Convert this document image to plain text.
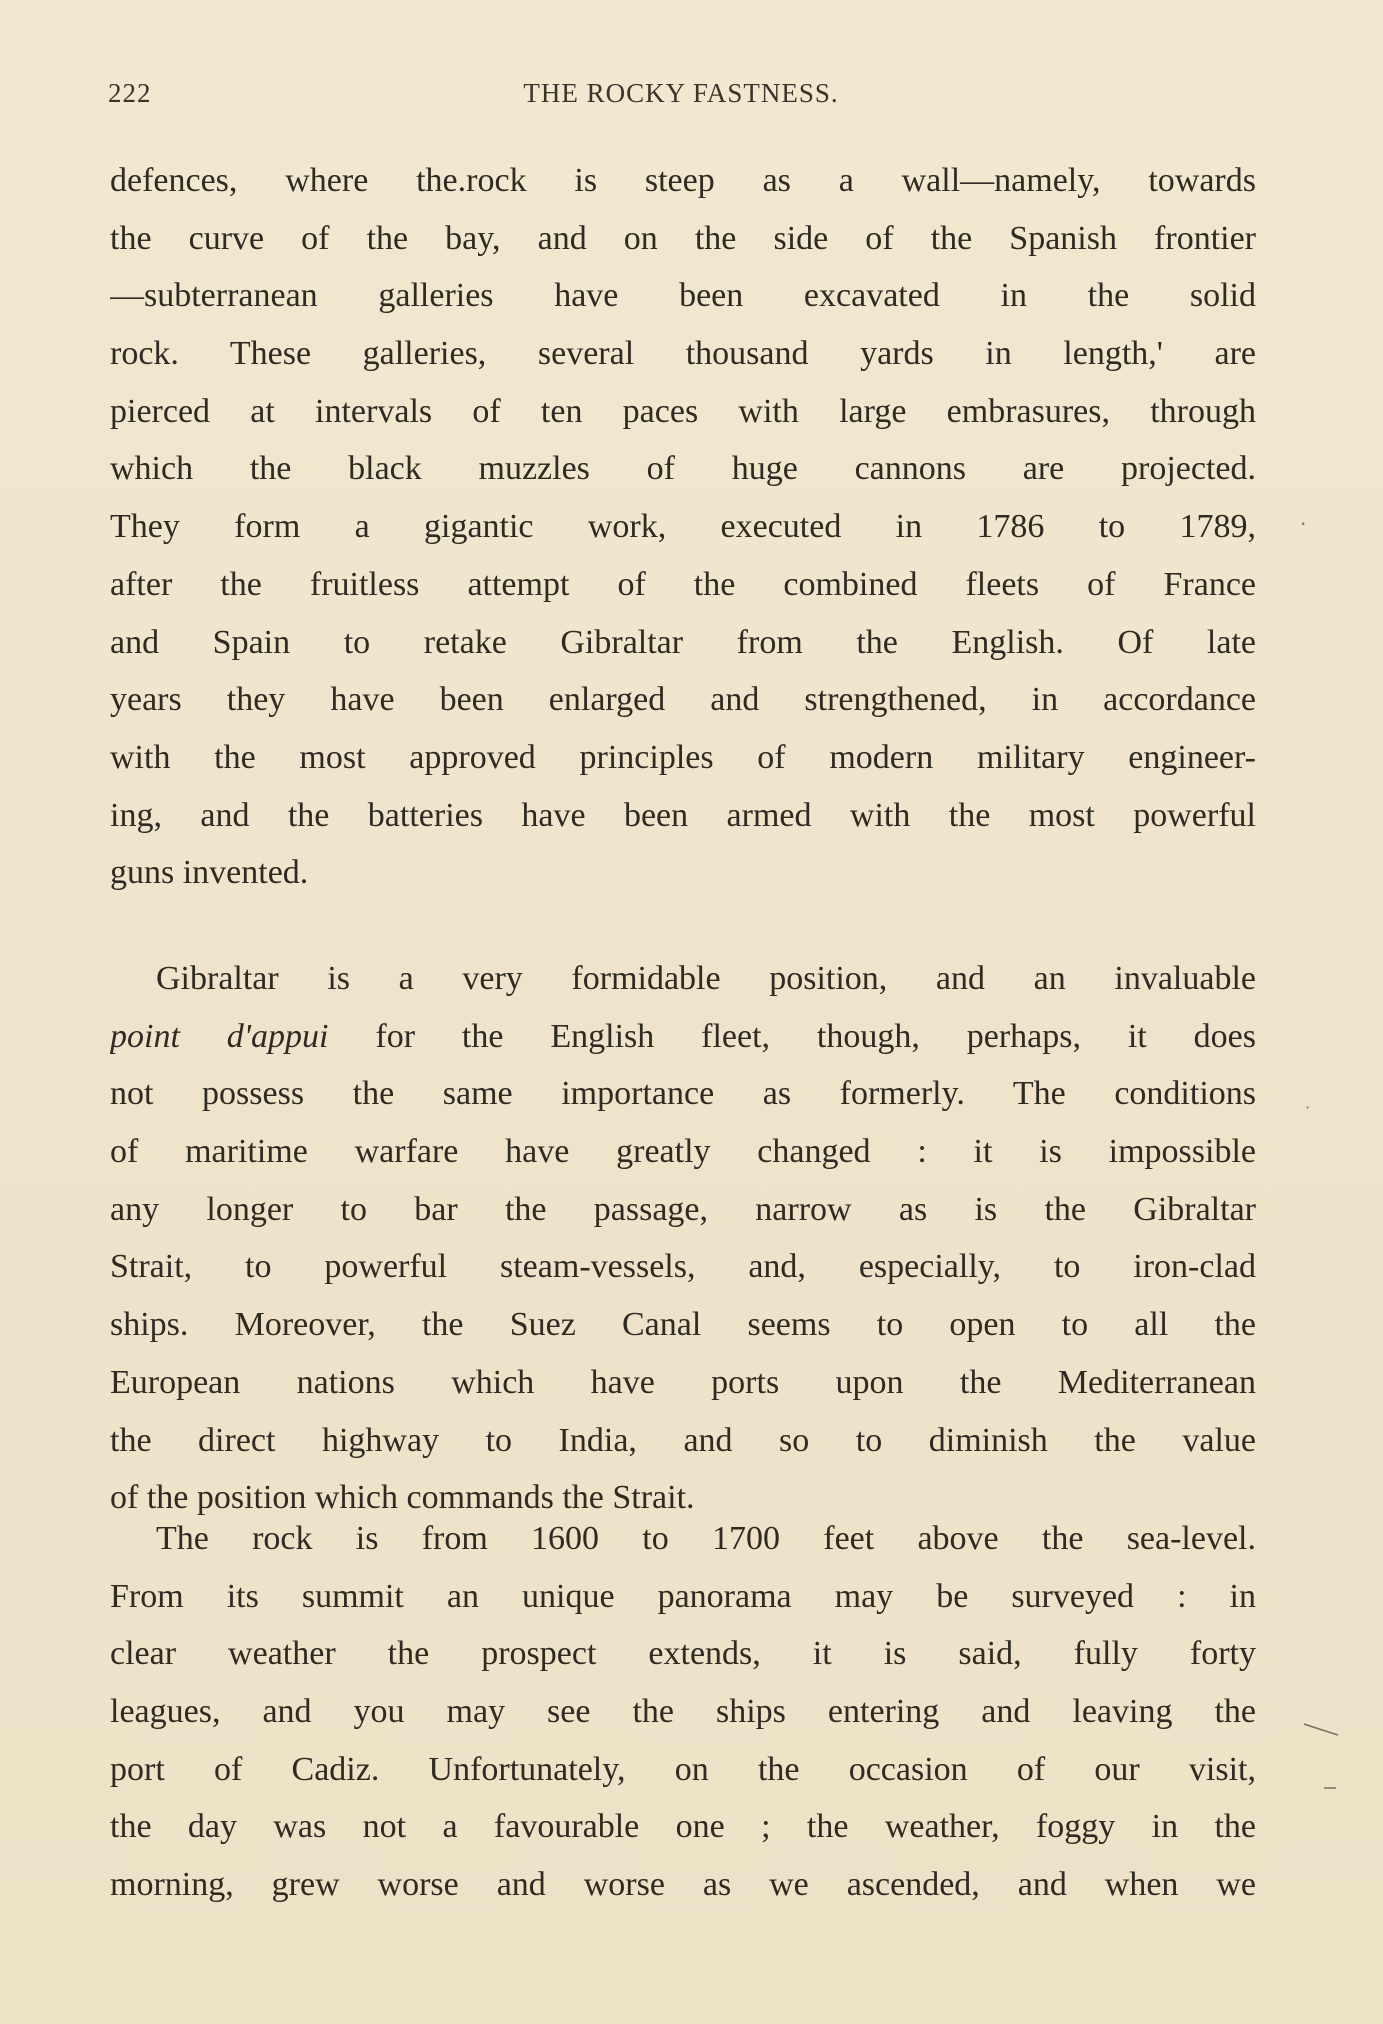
222	THE ROCKY FASTNESS.
defences, where the.rock is steep as a wall—namely, towards
the curve of the bay, and on the side of the Spanish frontier
—subterranean galleries have been excavated in the solid
rock. These galleries, several thousand yards in length,' are
pierced at intervals of ten paces with large embrasures, through
which the black muzzles of huge cannons are projected.
They form a gigantic work, executed in 1786 to 1789,
after the fruitless attempt of the combined fleets of France
and Spain to retake Gibraltar from the English. Of late
years they have been enlarged and strengthened, in accordance
with the most approved principles of modern military engineer-
ing, and the batteries have been armed with the most powerful
guns invented.
Gibraltar is a very formidable position, and an invaluable
point d'appui for the English fleet, though, perhaps, it does
not possess the same importance as formerly. The conditions
of maritime warfare have greatly changed : it is impossible
any longer to bar the passage, narrow as is the Gibraltar
Strait, to powerful steam-vessels, and, especially, to iron-clad
ships. Moreover, the Suez Canal seems to open to all the
European nations which have ports upon the Mediterranean
the direct highway to India, and so to diminish the value
of the position which commands the Strait.
The rock is from 1600 to 1700 feet above the sea-level.
From its summit an unique panorama may be surveyed : in
clear weather the prospect extends, it is said, fully forty
leagues, and you may see the ships entering and leaving the
port of Cadiz. Unfortunately, on the occasion of our visit,
the day was not a favourable one ; the weather, foggy in the
morning, grew worse and worse as we ascended, and when we
·
·
